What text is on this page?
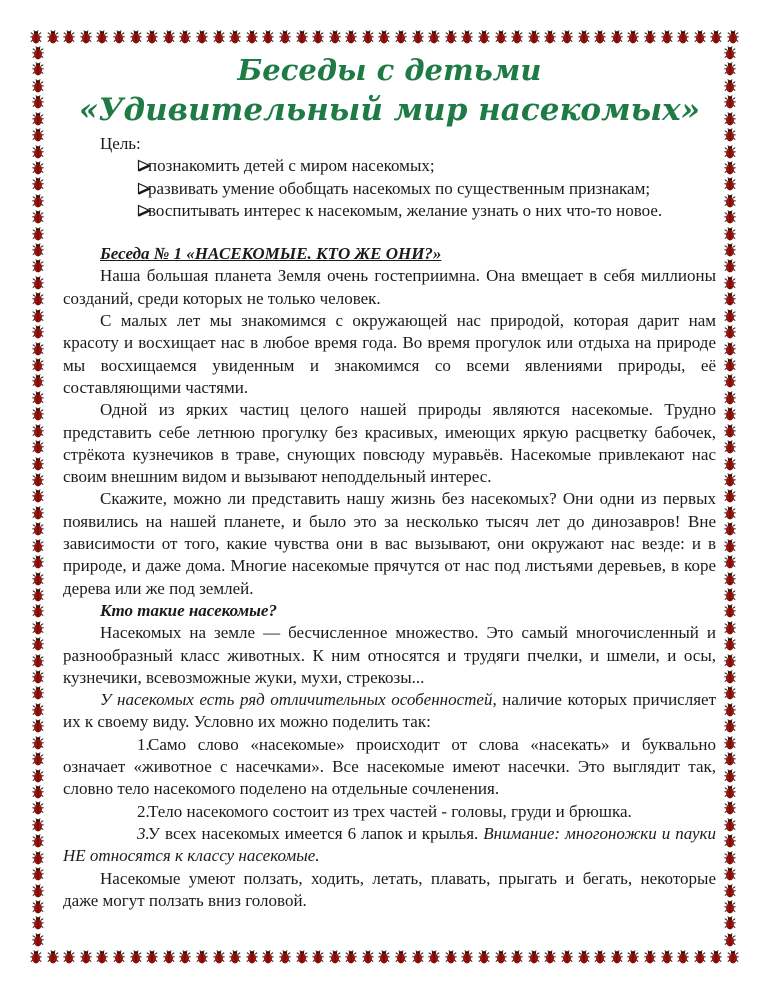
Беседы с детьми
«Удивительный мир насекомых»

Цель:

познакомить детей с миром насекомых;

развивать умение обобщать насекомых по существенным признакам;

воспитывать интерес к насекомым, желание узнать о них что-то новое.

Беседа № 1 «НАСЕКОМЫЕ. КТО ЖЕ ОНИ?»

Наша большая планета Земля очень гостеприимна. Она вмещает в себя миллионы созданий, среди которых не только человек.

С малых лет мы знакомимся с окружающей нас природой, которая дарит нам красоту и восхищает нас в любое время года. Во время прогулок или отдыха на природе мы восхищаемся увиденным и знакомимся со всеми явлениями природы, её составляющими частями.

Одной из ярких частиц целого нашей природы являются насекомые. Трудно представить себе летнюю прогулку без красивых, имеющих яркую расцветку бабочек, стрёкота кузнечиков в траве, снующих повсюду муравьёв. Насекомые привлекают нас своим внешним видом и вызывают неподдельный интерес.

Скажите, можно ли представить нашу жизнь без насекомых? Они одни из первых появились на нашей планете, и было это за несколько тысяч лет до динозавров! Вне зависимости от того, какие чувства они в вас вызывают, они окружают нас везде: и в природе, и даже дома. Многие насекомые прячутся от нас под листьями деревьев, в коре дерева или же под землей.

Кто такие насекомые?

Насекомых на земле — бесчисленное множество. Это самый многочисленный и разнообразный класс животных. К ним относятся и трудяги пчелки, и шмели, и осы, кузнечики, всевозможные жуки, мухи, стрекозы...

У насекомых есть ряд отличительных особенностей, наличие которых причисляет их к своему виду. Условно их можно поделить так:

1.Само слово «насекомые» происходит от слова «насекать» и буквально означает «животное с насечками». Все насекомые имеют насечки. Это выглядит так, словно тело насекомого поделено на отдельные сочленения.

2.Тело насекомого состоит из трех частей - головы, груди и брюшка.

3.У всех насекомых имеется 6 лапок и крылья. Внимание: многоножки и пауки НЕ относятся к классу насекомые.

Насекомые умеют ползать, ходить, летать, плавать, прыгать и бегать, некоторые даже могут ползать вниз головой.
